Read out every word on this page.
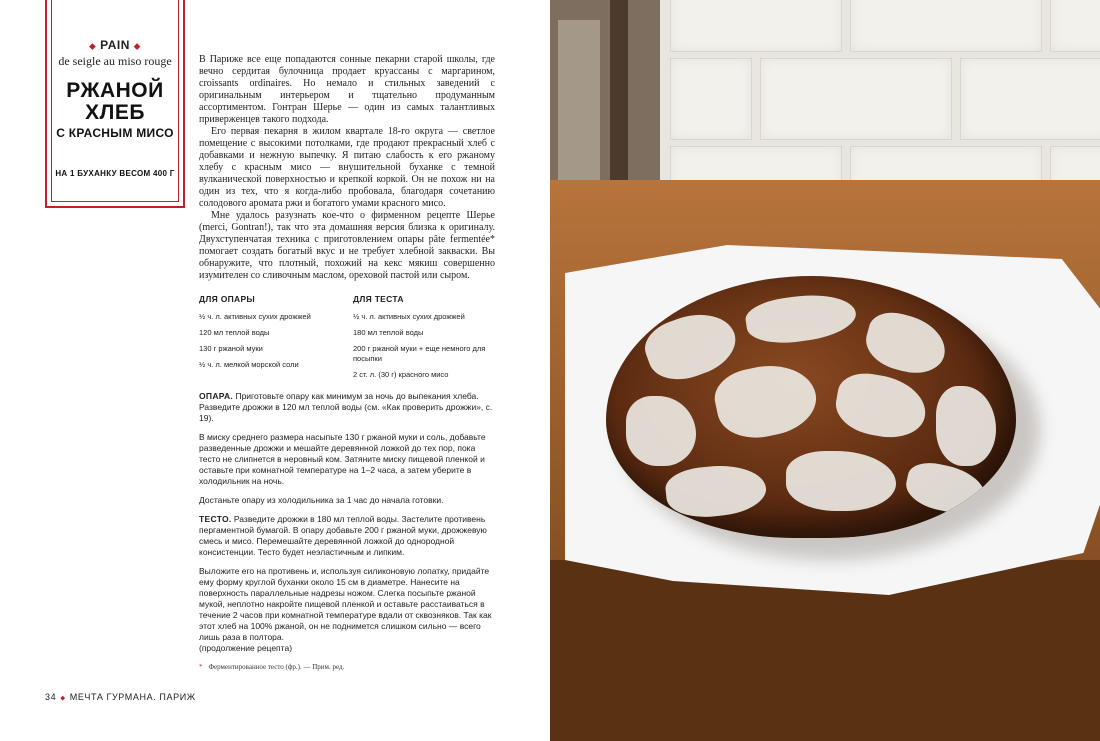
⬥ PAIN ⬥
de seigle au miso rouge
РЖАНОЙ
ХЛЕБ
С КРАСНЫМ МИСО
НА 1 БУХАНКУ ВЕСОМ 400 Г

В Париже все еще попадаются сонные пекарни старой школы, где вечно сердитая булочница продает круассаны с маргарином, croissants ordinaires. Но немало и стильных заведений с оригинальным интерьером и тщательно продуманным ассортиментом. Гонтран Шерье — один из самых талантливых приверженцев такого подхода.

Его первая пекарня в жилом квартале 18-го округа — светлое помещение с высокими потолками, где продают прекрасный хлеб с добавками и нежную выпечку. Я питаю слабость к его ржаному хлебу с красным мисо — внушительной буханке с темной вулканической поверхностью и крепкой коркой. Он не похож ни на один из тех, что я когда-либо пробовала, благодаря сочетанию солодового аромата ржи и богатого умами красного мисо.

Мне удалось разузнать кое-что о фирменном рецепте Шерье (merci, Gontran!), так что эта домашняя версия близка к оригиналу. Двухступенчатая техника с приготовлением опары pâte fermentée* помогает создать богатый вкус и не требует хлебной закваски. Вы обнаружите, что плотный, похожий на кекс мякиш совершенно изумителен со сливочным маслом, ореховой пастой или сыром.

ДЛЯ ОПАРЫ
½ ч. л. активных сухих дрожжей
120 мл теплой воды
130 г ржаной муки
½ ч. л. мелкой морской соли
ДЛЯ ТЕСТА
½ ч. л. активных сухих дрожжей
180 мл теплой воды
200 г ржаной муки + еще немного для посыпки
2 ст. л. (30 г) красного мисо

ОПАРА. Приготовьте опару как минимум за ночь до выпекания хлеба. Разведите дрожжи в 120 мл теплой воды (см. «Как проверить дрожжи», с. 19).

В миску среднего размера насыпьте 130 г ржаной муки и соль, добавьте разведенные дрожжи и мешайте деревянной ложкой до тех пор, пока тесто не слипнется в неровный ком. Затяните миску пищевой пленкой и оставьте при комнатной температуре на 1–2 часа, а затем уберите в холодильник на ночь.

Достаньте опару из холодильника за 1 час до начала готовки.

ТЕСТО. Разведите дрожжи в 180 мл теплой воды. Застелите противень пергаментной бумагой. В опару добавьте 200 г ржаной муки, дрожжевую смесь и мисо. Перемешайте деревянной ложкой до однородной консистенции. Тесто будет неэластичным и липким.

Выложите его на противень и, используя силиконовую лопатку, придайте ему форму круглой буханки около 15 см в диаметре. Нанесите на поверхность параллельные надрезы ножом. Слегка посыпьте ржаной мукой, неплотно накройте пищевой пленкой и оставьте расстаиваться в течение 2 часов при комнатной температуре вдали от сквозняков. Так как этот хлеб на 100% ржаной, он не поднимется слишком сильно — всего лишь раза в полтора.

(продолжение рецепта)
* Ферментированное тесто (фр.). — Прим. ред.
34 ⬥ МЕЧТА ГУРМАНА. ПАРИЖ
